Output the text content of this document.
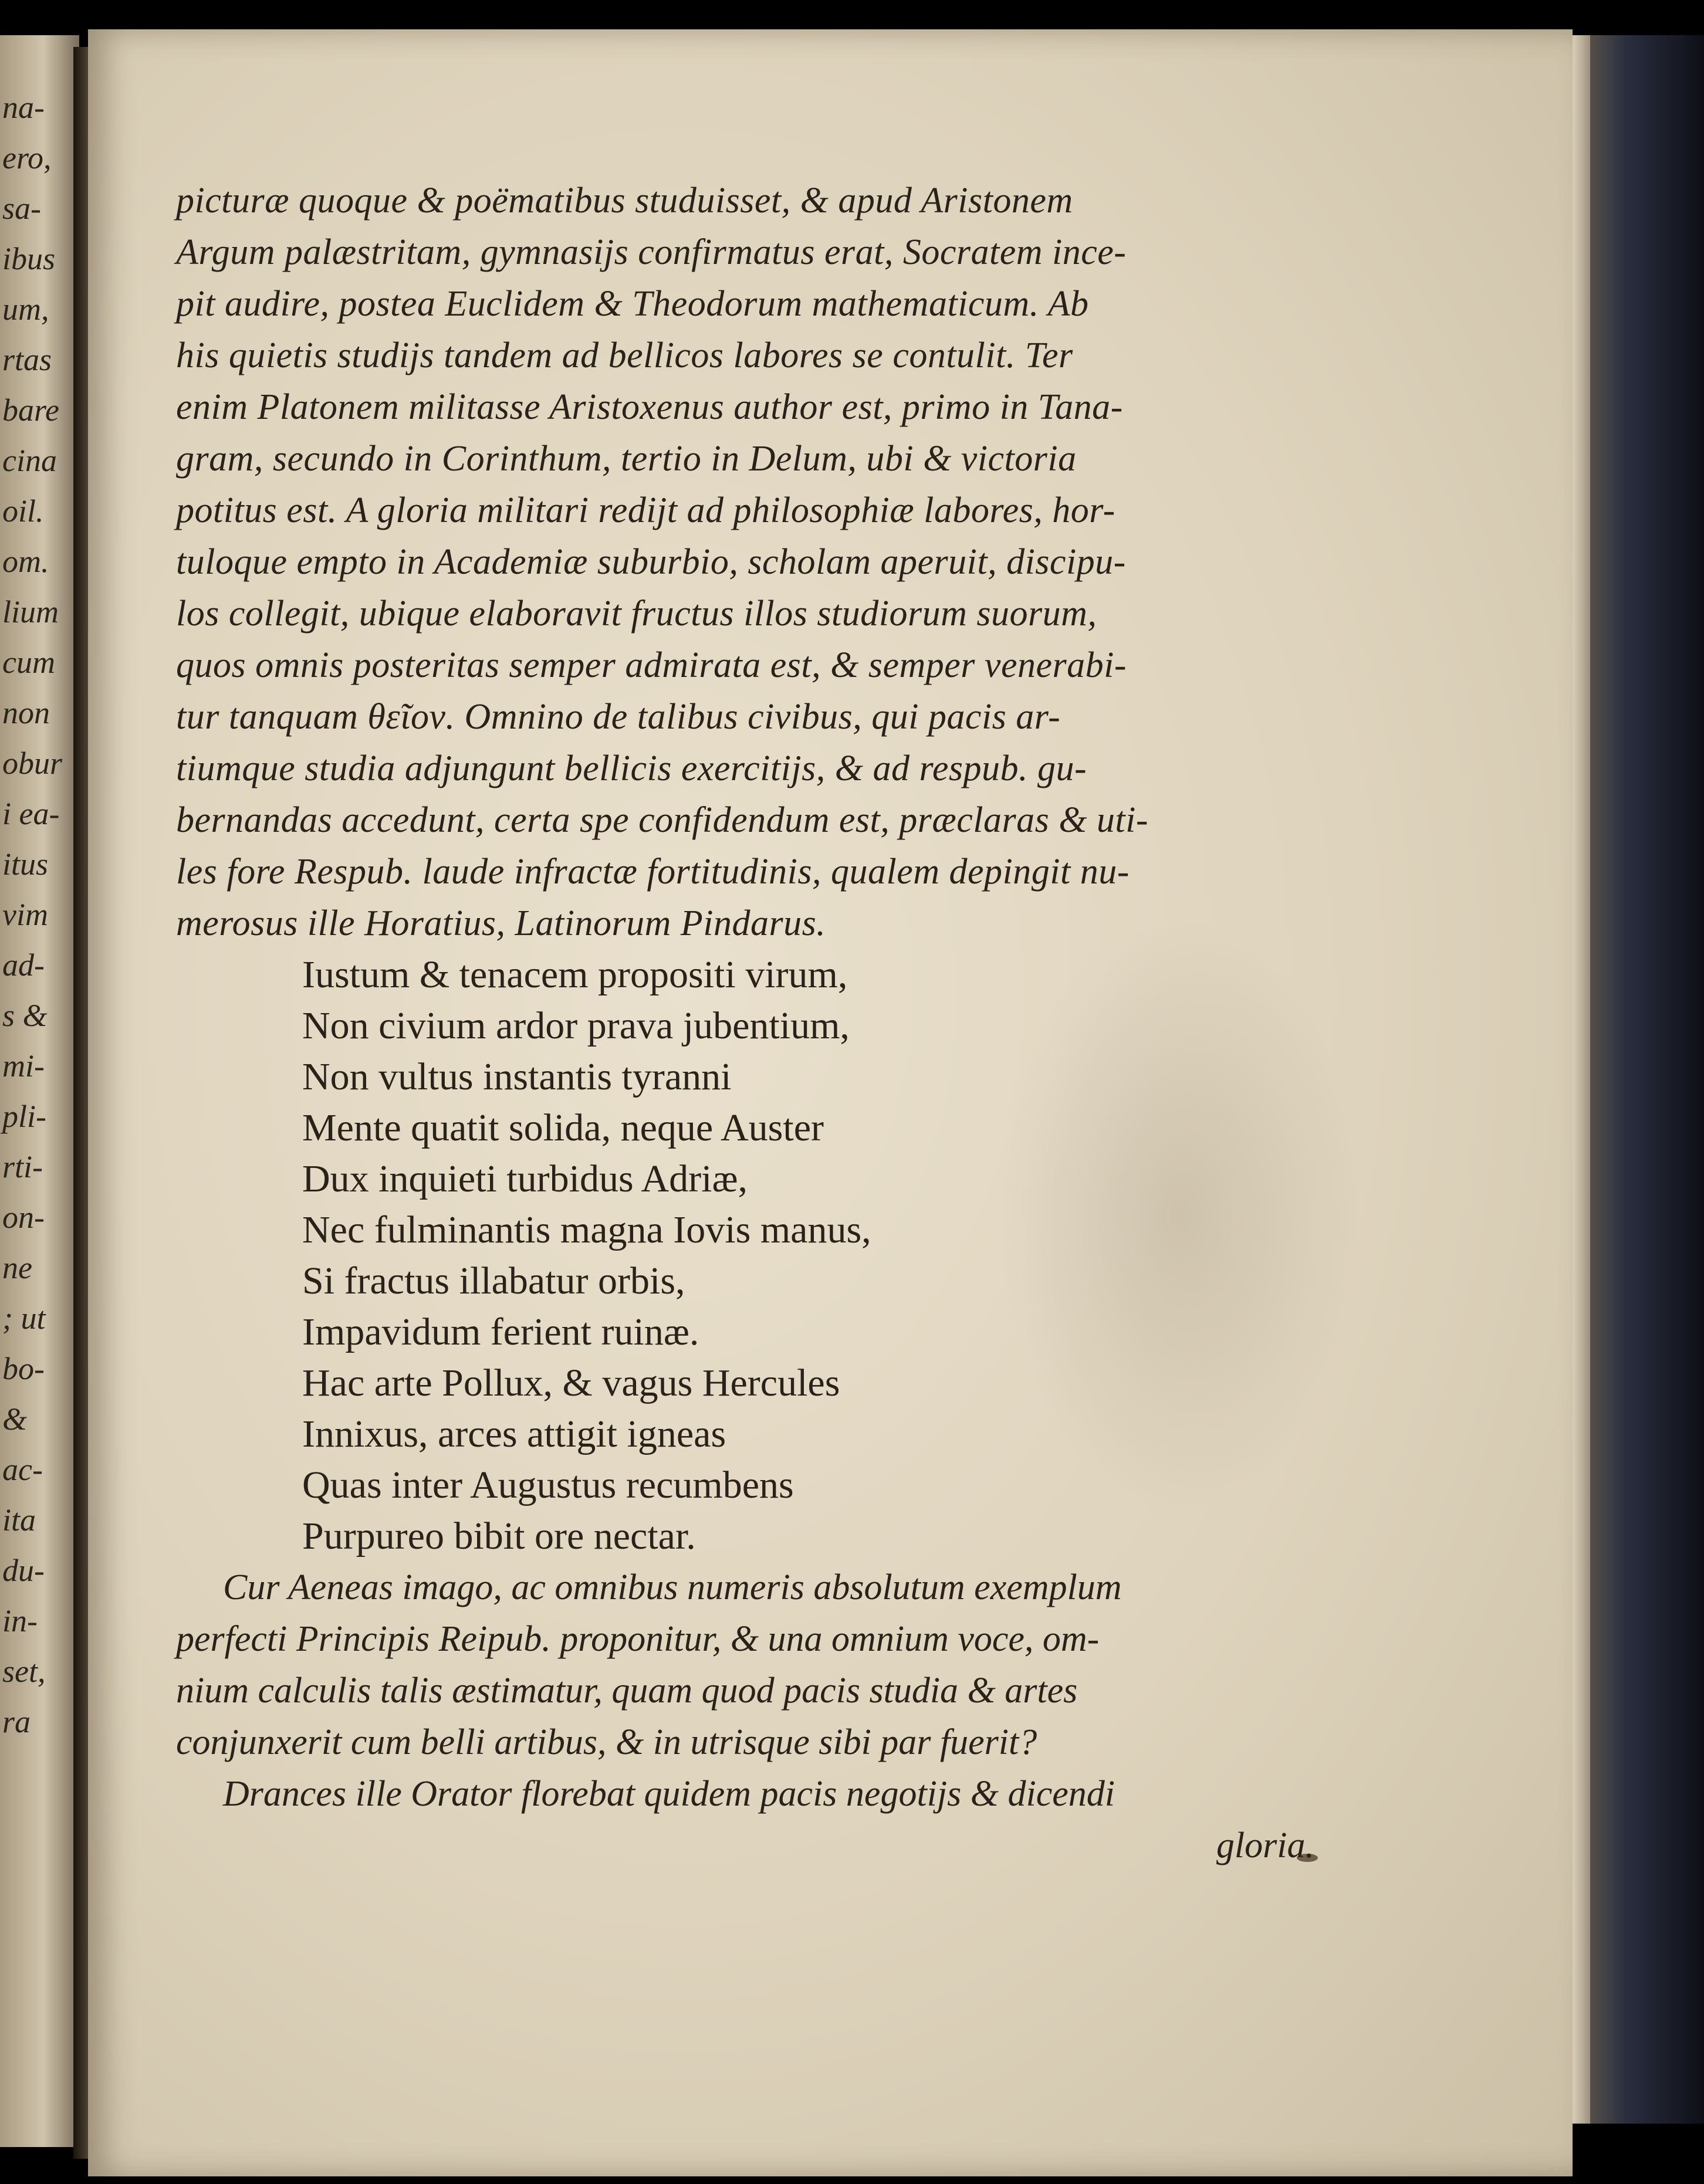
na-
ero,
sa-
ibus
um,
rtas
bare
cina
oil.
om.
lium
cum
non
obur
i ea-
itus
vim
ad-
s &
mi-
pli-
rti-
on-
ne
; ut
bo-
&
ac-
ita
du-
in-
set,
ra

picturæ quoque & poëmatibus studuisset, & apud Aristonem

Argum palæstritam, gymnasijs confirmatus erat, Socratem ince-

pit audire, postea Euclidem & Theodorum mathematicum. Ab

his quietis studijs tandem ad bellicos labores se contulit. Ter

enim Platonem militasse Aristoxenus author est, primo in Tana-

gram, secundo in Corinthum, tertio in Delum, ubi & victoria

potitus est. A gloria militari redijt ad philosophiæ labores, hor-

tuloque empto in Academiæ suburbio, scholam aperuit, discipu-

los collegit, ubique elaboravit fructus illos studiorum suorum,

quos omnis posteritas semper admirata est, & semper venerabi-

tur tanquam θεῖον. Omnino de talibus civibus, qui pacis ar-

tiumque studia adjungunt bellicis exercitijs, & ad respub. gu-

bernandas accedunt, certa spe confidendum est, præclaras & uti-

les fore Respub. laude infractæ fortitudinis, qualem depingit nu-

merosus ille Horatius, Latinorum Pindarus.

Iustum & tenacem propositi virum,
Non civium ardor prava jubentium,
Non vultus instantis tyranni
Mente quatit solida, neque Auster
Dux inquieti turbidus Adriæ,
Nec fulminantis magna Iovis manus,
Si fractus illabatur orbis,
Impavidum ferient ruinæ.
Hac arte Pollux, & vagus Hercules
Innixus, arces attigit igneas
Quas inter Augustus recumbens
Purpureo bibit ore nectar.

Cur Aeneas imago, ac omnibus numeris absolutum exemplum

perfecti Principis Reipub. proponitur, & una omnium voce, om-

nium calculis talis æstimatur, quam quod pacis studia & artes

conjunxerit cum belli artibus, & in utrisque sibi par fuerit?

Drances ille Orator florebat quidem pacis negotijs & dicendi

gloria.
